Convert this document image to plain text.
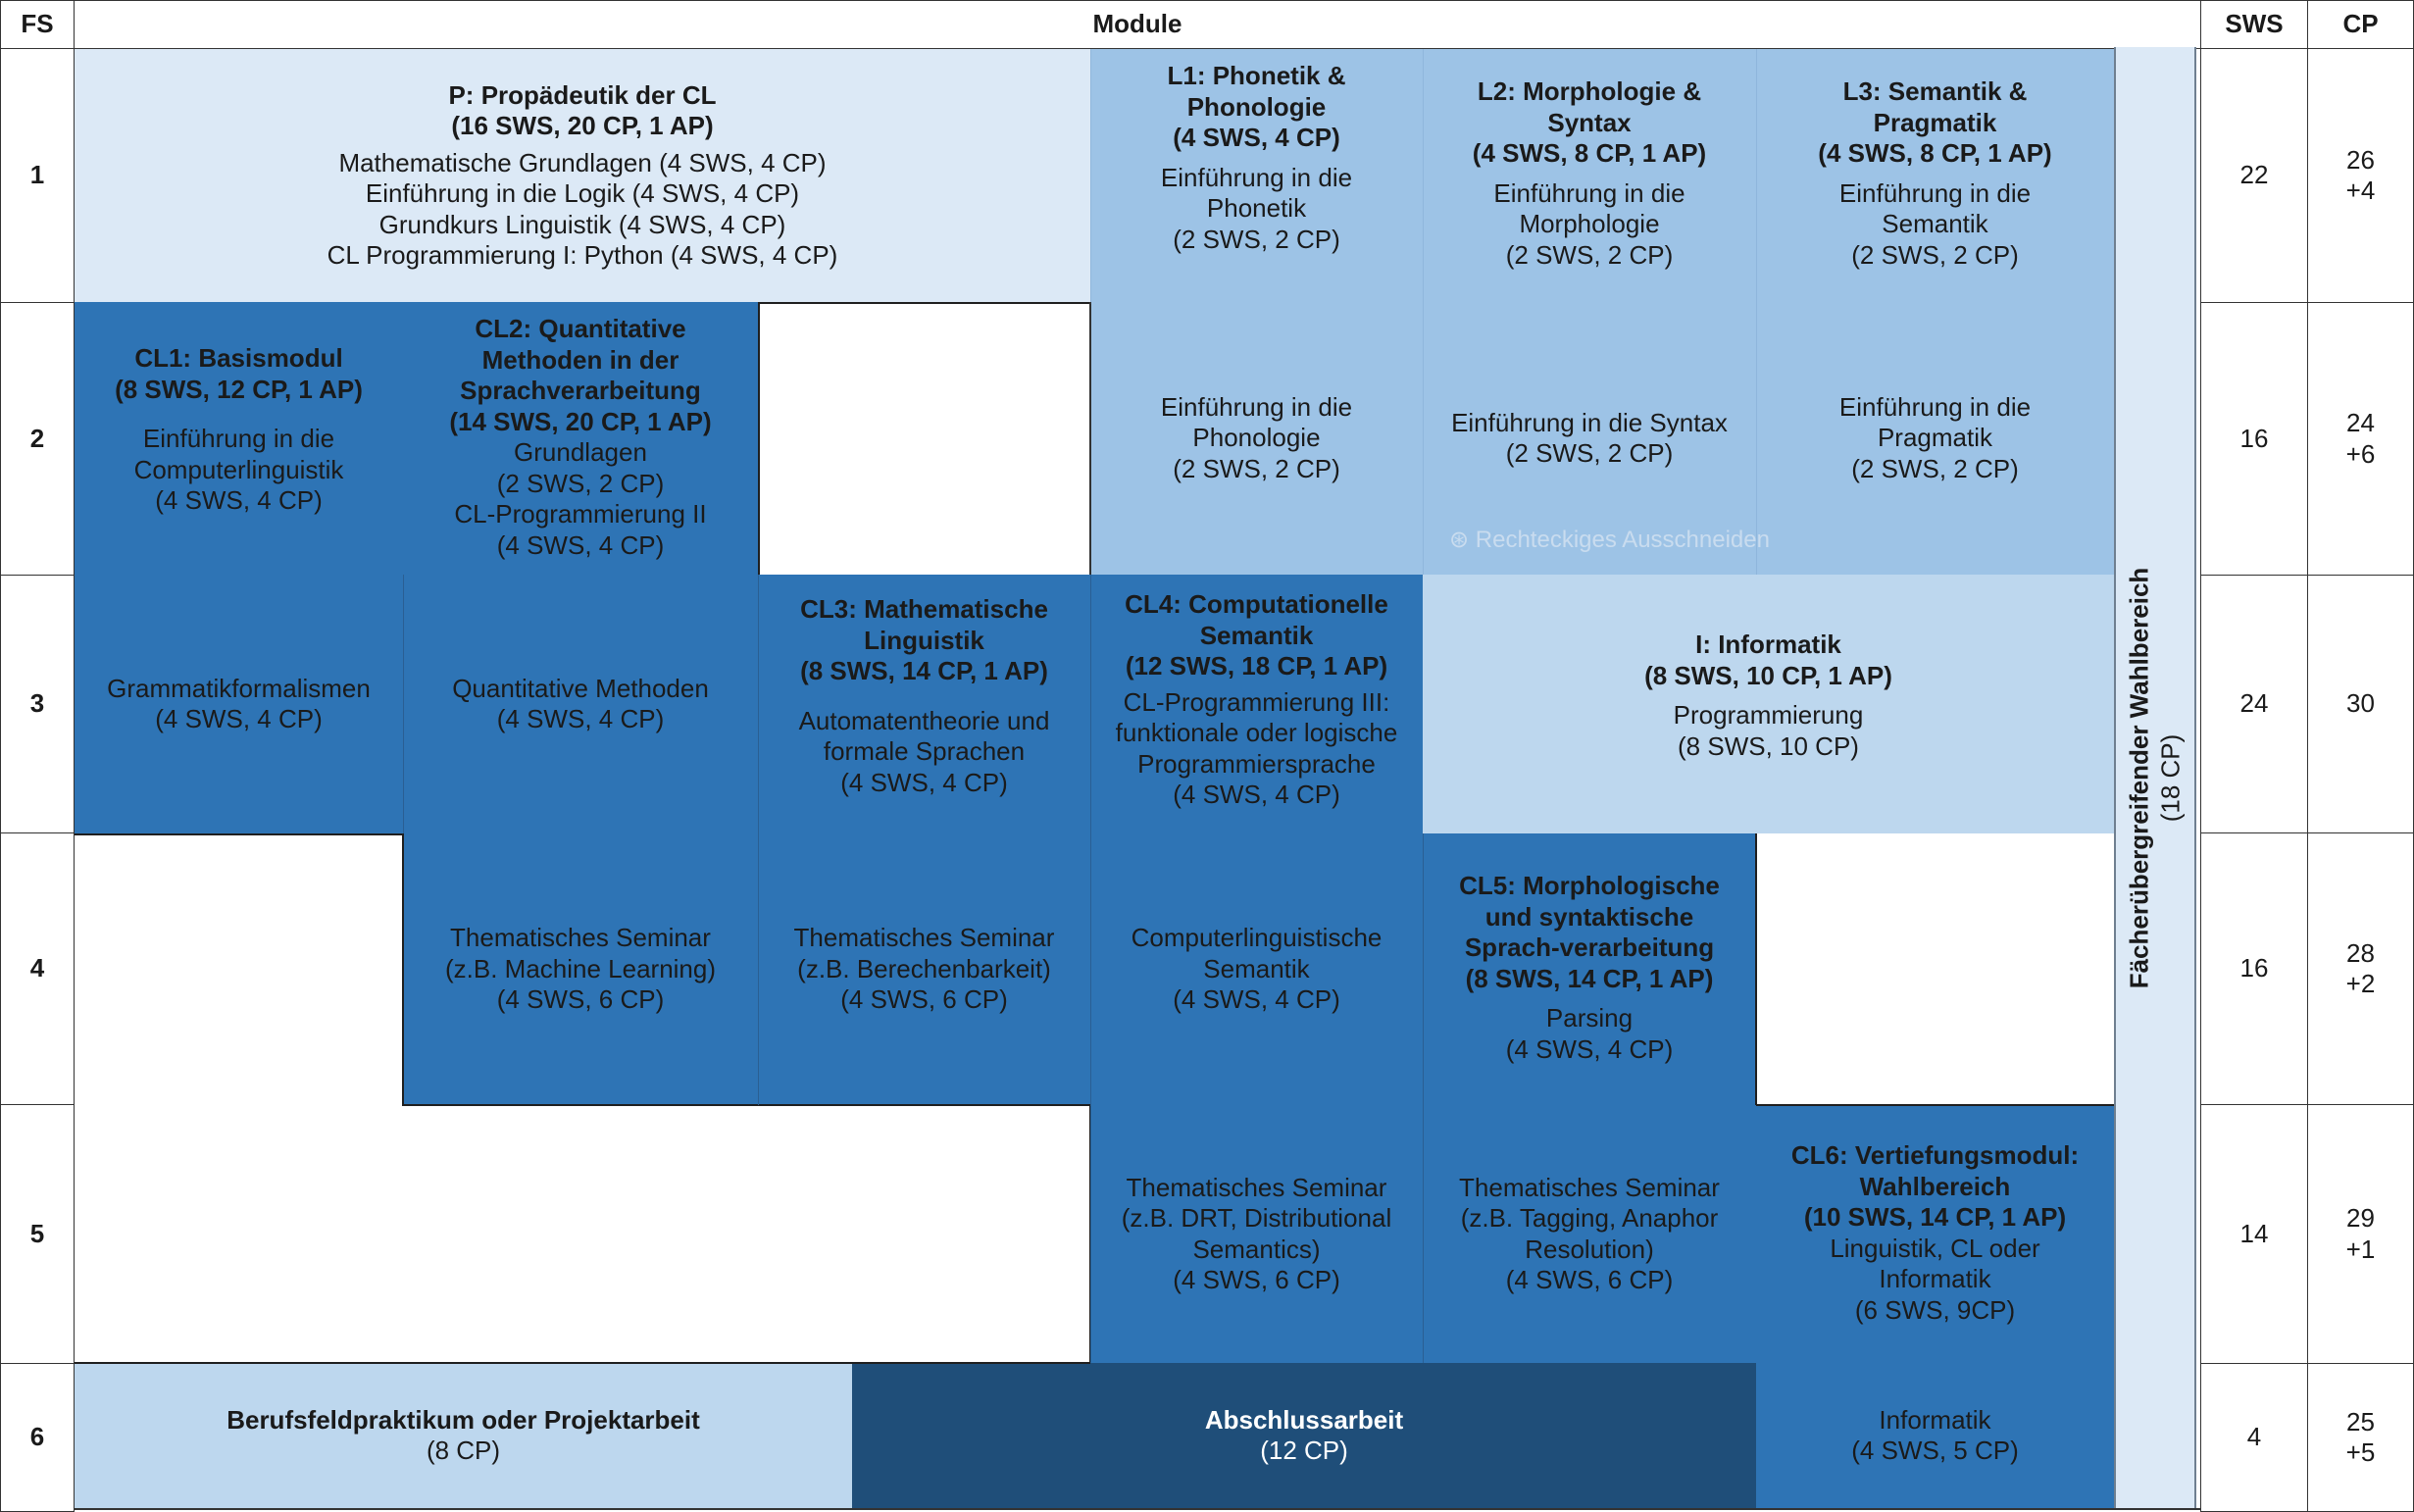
FS	Module	SWS CP
1
2
3
4
5
6
22
16
24
16
14
4
26
+4
24
+6
30
28
+2
29
+1
25
+5
P: Propädeutik der CL
(16 SWS, 20 CP, 1 AP)
Mathematische Grundlagen (4 SWS, 4 CP)
Einführung in die Logik (4 SWS, 4 CP)
Grundkurs Linguistik (4 SWS, 4 CP)
CL Programmierung I: Python (4 SWS, 4 CP)
L1: Phonetik &
Phonologie
(4 SWS, 4 CP)
Einführung in die
Phonetik
(2 SWS, 2 CP)
Einführung in die
Phonologie
(2 SWS, 2 CP)
L2: Morphologie &
Syntax
(4 SWS, 8 CP, 1 AP)
Einführung in die
Morphologie
(2 SWS, 2 CP)
Einführung in die Syntax
(2 SWS, 2 CP)
L3: Semantik &
Pragmatik
(4 SWS, 8 CP, 1 AP)
Einführung in die
Semantik
(2 SWS, 2 CP)
Einführung in die
Pragmatik
(2 SWS, 2 CP)
CL1: Basismodul
(8 SWS, 12 CP, 1 AP)
Einführung in die
Computerlinguistik
(4 SWS, 4 CP)
Grammatikformalismen
(4 SWS, 4 CP)
CL2: Quantitative
Methoden in der
Sprachverarbeitung
(14 SWS, 20 CP, 1 AP)
Grundlagen
(2 SWS, 2 CP)
CL-Programmierung II
(4 SWS, 4 CP)
Quantitative Methoden
(4 SWS, 4 CP)
Thematisches Seminar
(z.B. Machine Learning)
(4 SWS, 6 CP)
CL3: Mathematische
Linguistik
(8 SWS, 14 CP, 1 AP)
Automatentheorie und
formale Sprachen
(4 SWS, 4 CP)
Thematisches Seminar
(z.B. Berechenbarkeit)
(4 SWS, 6 CP)
CL4: Computationelle
Semantik
(12 SWS, 18 CP, 1 AP)
CL-Programmierung III:
funktionale oder logische
Programmiersprache
(4 SWS, 4 CP)
Computerlinguistische
Semantik
(4 SWS, 4 CP)
Thematisches Seminar
(z.B. DRT, Distributional
Semantics)
(4 SWS, 6 CP)
I: Informatik
(8 SWS, 10 CP, 1 AP)
Programmierung
(8 SWS, 10 CP)
CL5: Morphologische
und syntaktische
Sprach-verarbeitung
(8 SWS, 14 CP, 1 AP)
Parsing
(4 SWS, 4 CP)
Thematisches Seminar
(z.B. Tagging, Anaphor
Resolution)
(4 SWS, 6 CP)
CL6: Vertiefungsmodul:
Wahlbereich
(10 SWS, 14 CP, 1 AP)
Linguistik, CL oder
Informatik
(6 SWS, 9CP)
Informatik
(4 SWS, 5 CP)
Berufsfeldpraktikum oder Projektarbeit
(8 CP)
Abschlussarbeit
(12 CP)
Fächerübergreifender Wahlbereich (18 CP)
⊛ Rechteckiges Ausschneiden
